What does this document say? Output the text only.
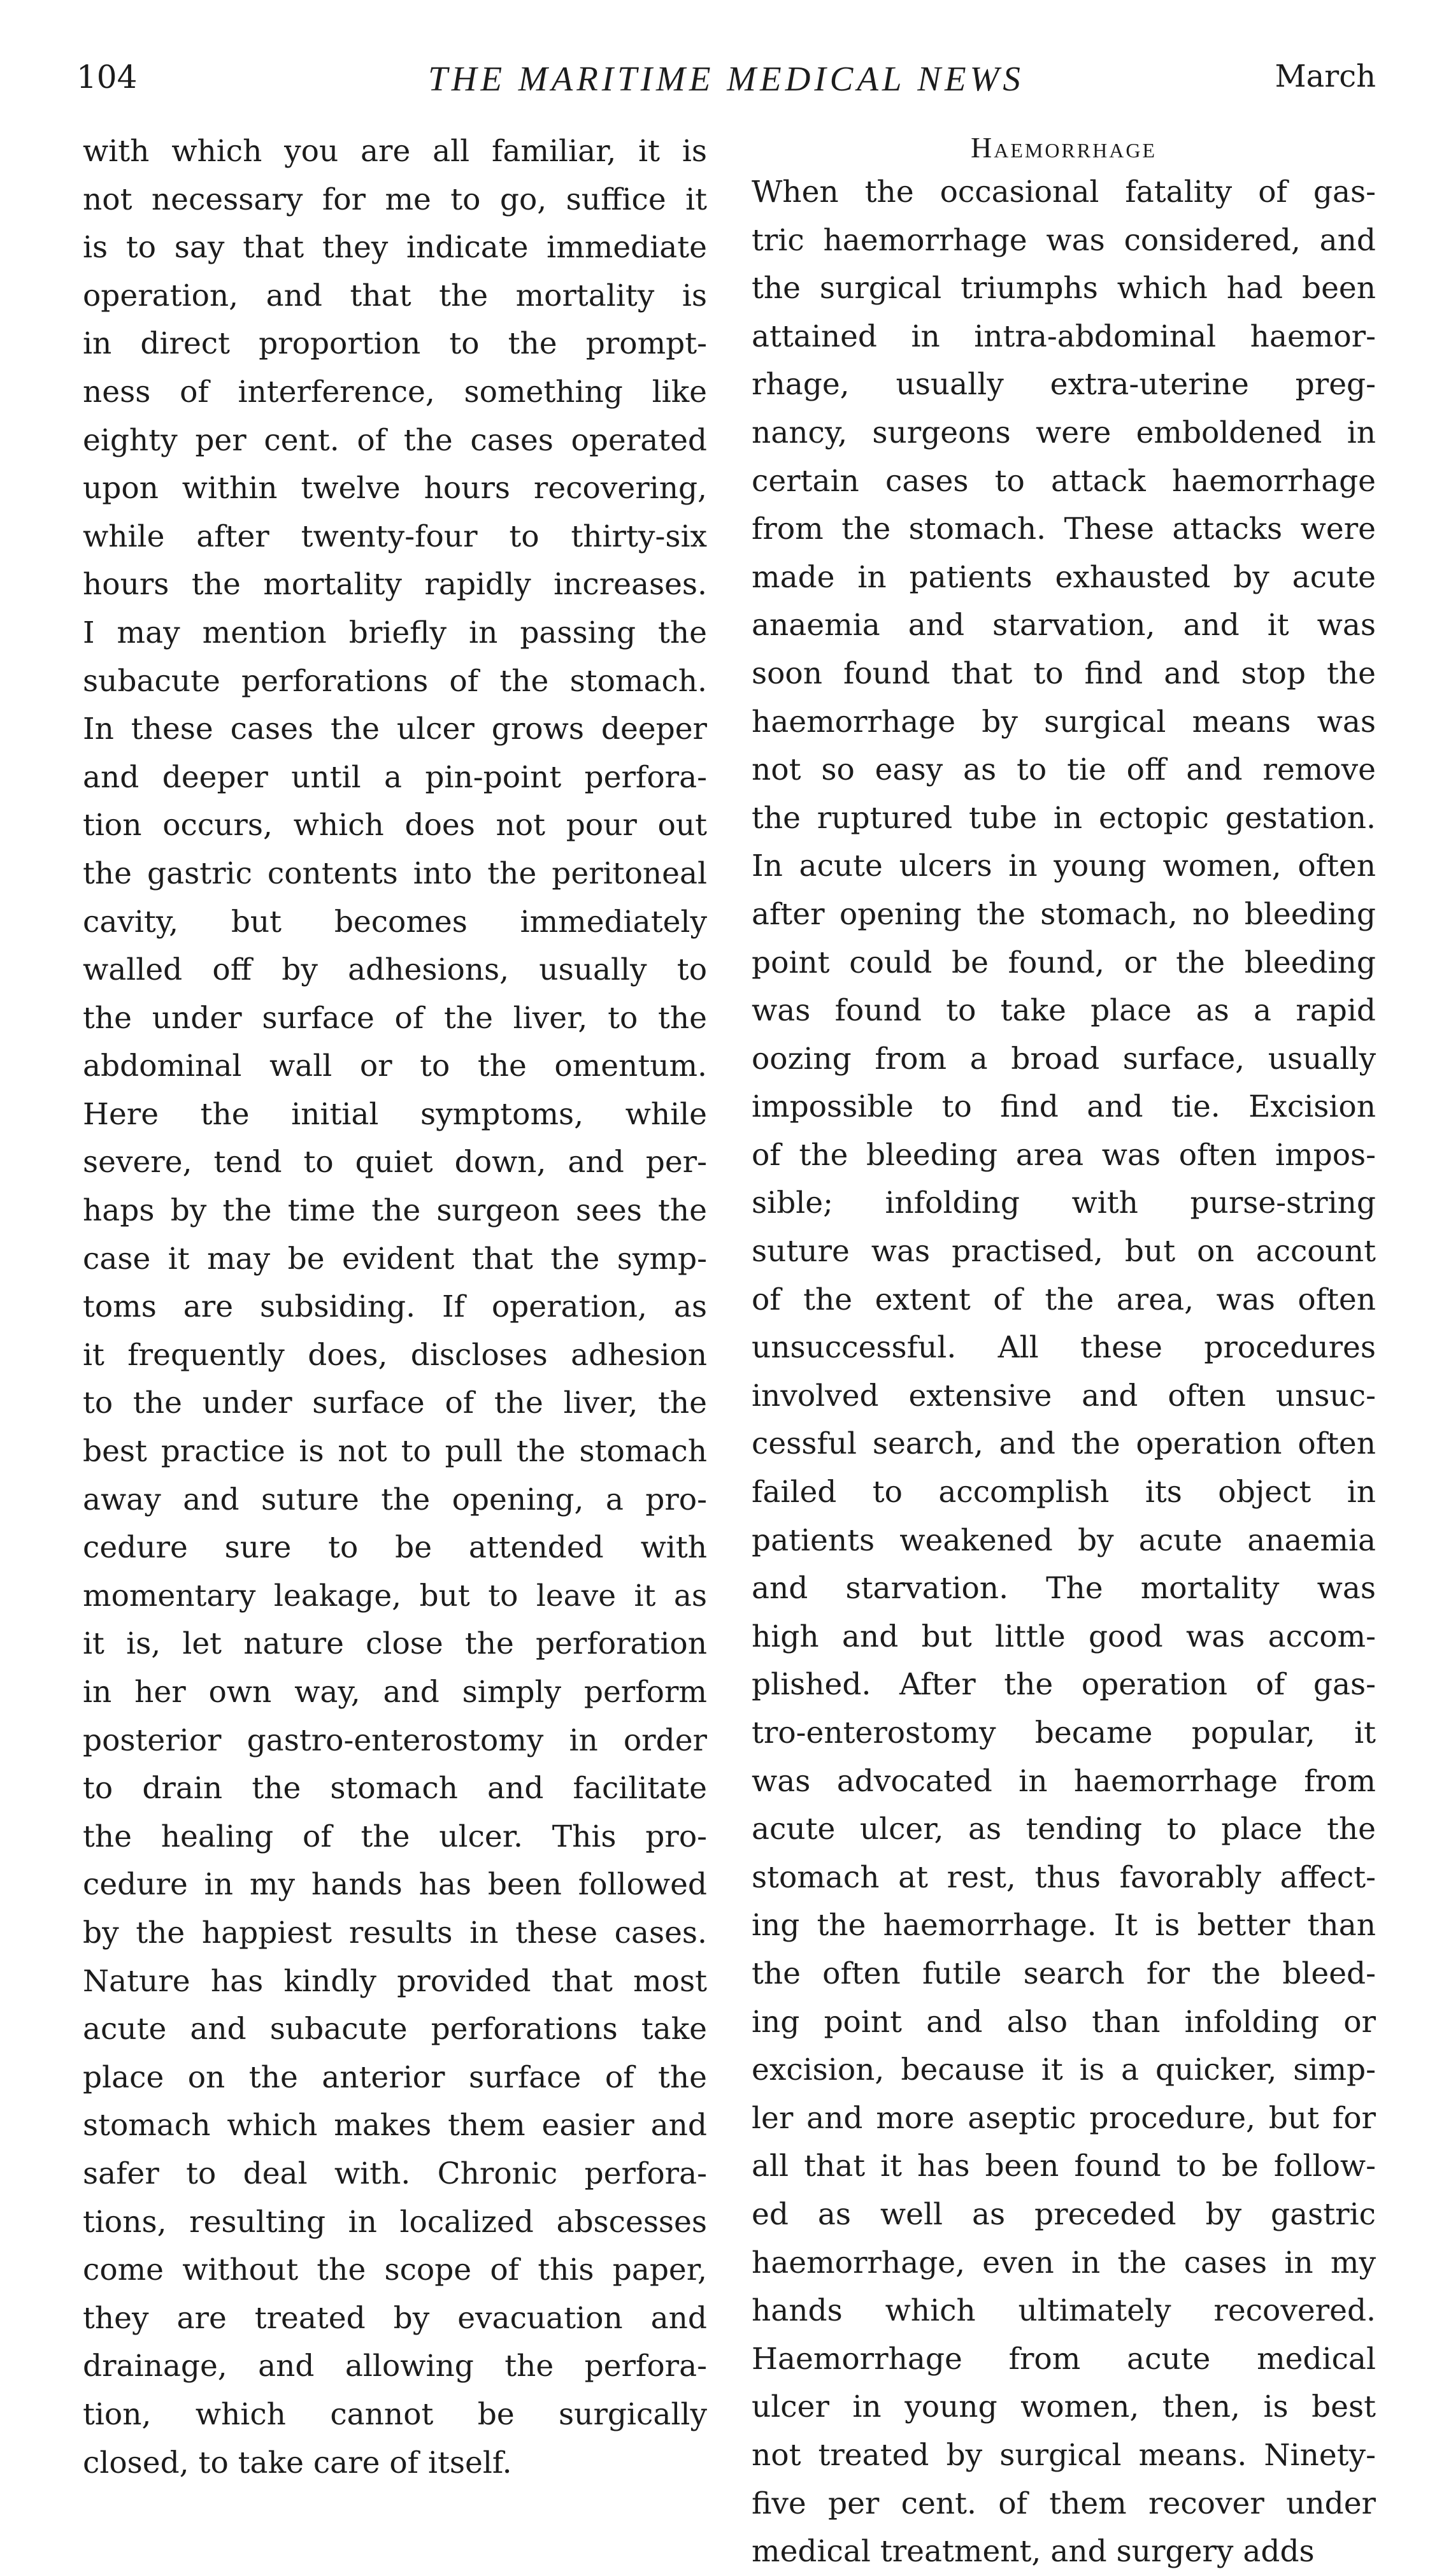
104	THE MARITIME MEDICAL NEWS	March
with which you are all familiar, it is
not necessary for me to go, suffice it
is to say that they indicate immediate
operation, and that the mortality is
in direct proportion to the prompt-
ness of interference, something like
eighty per cent. of the cases operated
upon within twelve hours recovering,
while after twenty-four to thirty-six
hours the mortality rapidly increases.
I may mention briefly in passing the
subacute perforations of the stomach.
In these cases the ulcer grows deeper
and deeper until a pin-point perfora-
tion occurs, which does not pour out
the gastric contents into the peritoneal
cavity, but becomes immediately
walled off by adhesions, usually to
the under surface of the liver, to the
abdominal wall or to the omentum.
Here the initial symptoms, while
severe, tend to quiet down, and per-
haps by the time the surgeon sees the
case it may be evident that the symp-
toms are subsiding. If operation, as
it frequently does, discloses adhesion
to the under surface of the liver, the
best practice is not to pull the stomach
away and suture the opening, a pro-
cedure sure to be attended with
momentary leakage, but to leave it as
it is, let nature close the perforation
in her own way, and simply perform
posterior gastro-enterostomy in order
to drain the stomach and facilitate
the healing of the ulcer. This pro-
cedure in my hands has been followed
by the happiest results in these cases.
Nature has kindly provided that most
acute and subacute perforations take
place on the anterior surface of the
stomach which makes them easier and
safer to deal with. Chronic perfora-
tions, resulting in localized abscesses
come without the scope of this paper,
they are treated by evacuation and
drainage, and allowing the perfora-
tion, which cannot be surgically
closed, to take care of itself.
Haemorrhage
When the occasional fatality of gas-
tric haemorrhage was considered, and
the surgical triumphs which had been
attained in intra-abdominal haemor-
rhage, usually extra-uterine preg-
nancy, surgeons were emboldened in
certain cases to attack haemorrhage
from the stomach. These attacks were
made in patients exhausted by acute
anaemia and starvation, and it was
soon found that to find and stop the
haemorrhage by surgical means was
not so easy as to tie off and remove
the ruptured tube in ectopic gestation.
In acute ulcers in young women, often
after opening the stomach, no bleeding
point could be found, or the bleeding
was found to take place as a rapid
oozing from a broad surface, usually
impossible to find and tie. Excision
of the bleeding area was often impos-
sible; infolding with purse-string
suture was practised, but on account
of the extent of the area, was often
unsuccessful. All these procedures
involved extensive and often unsuc-
cessful search, and the operation often
failed to accomplish its object in
patients weakened by acute anaemia
and starvation. The mortality was
high and but little good was accom-
plished. After the operation of gas-
tro-enterostomy became popular, it
was advocated in haemorrhage from
acute ulcer, as tending to place the
stomach at rest, thus favorably affect-
ing the haemorrhage. It is better than
the often futile search for the bleed-
ing point and also than infolding or
excision, because it is a quicker, simp-
ler and more aseptic procedure, but for
all that it has been found to be follow-
ed as well as preceded by gastric
haemorrhage, even in the cases in my
hands which ultimately recovered.
Haemorrhage from acute medical
ulcer in young women, then, is best
not treated by surgical means. Ninety-
five per cent. of them recover under
medical treatment, and surgery adds
